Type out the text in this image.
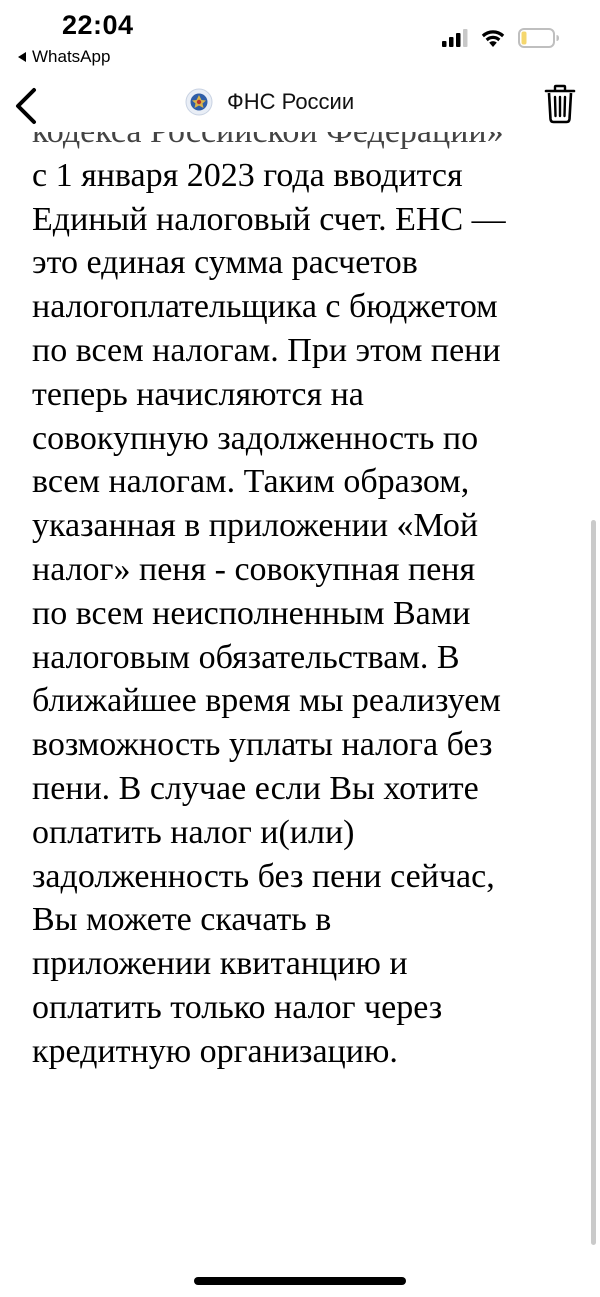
22:04
WhatsApp
ФНС России
с 1 января 2023 года вводится
Единый налоговый счет. ЕНС —
это единая сумма расчетов
налогоплательщика с бюджетом
по всем налогам. При этом пени
теперь начисляются на
совокупную задолженность по
всем налогам. Таким образом,
указанная в приложении «Мой
налог» пеня - совокупная пеня
по всем неисполненным Вами
налоговым обязательствам. В
ближайшее время мы реализуем
возможность уплаты налога без
пени. В случае если Вы хотите
оплатить налог и(или)
задолженность без пени сейчас,
Вы можете скачать в
приложении квитанцию и
оплатить только налог через
кредитную организацию.
